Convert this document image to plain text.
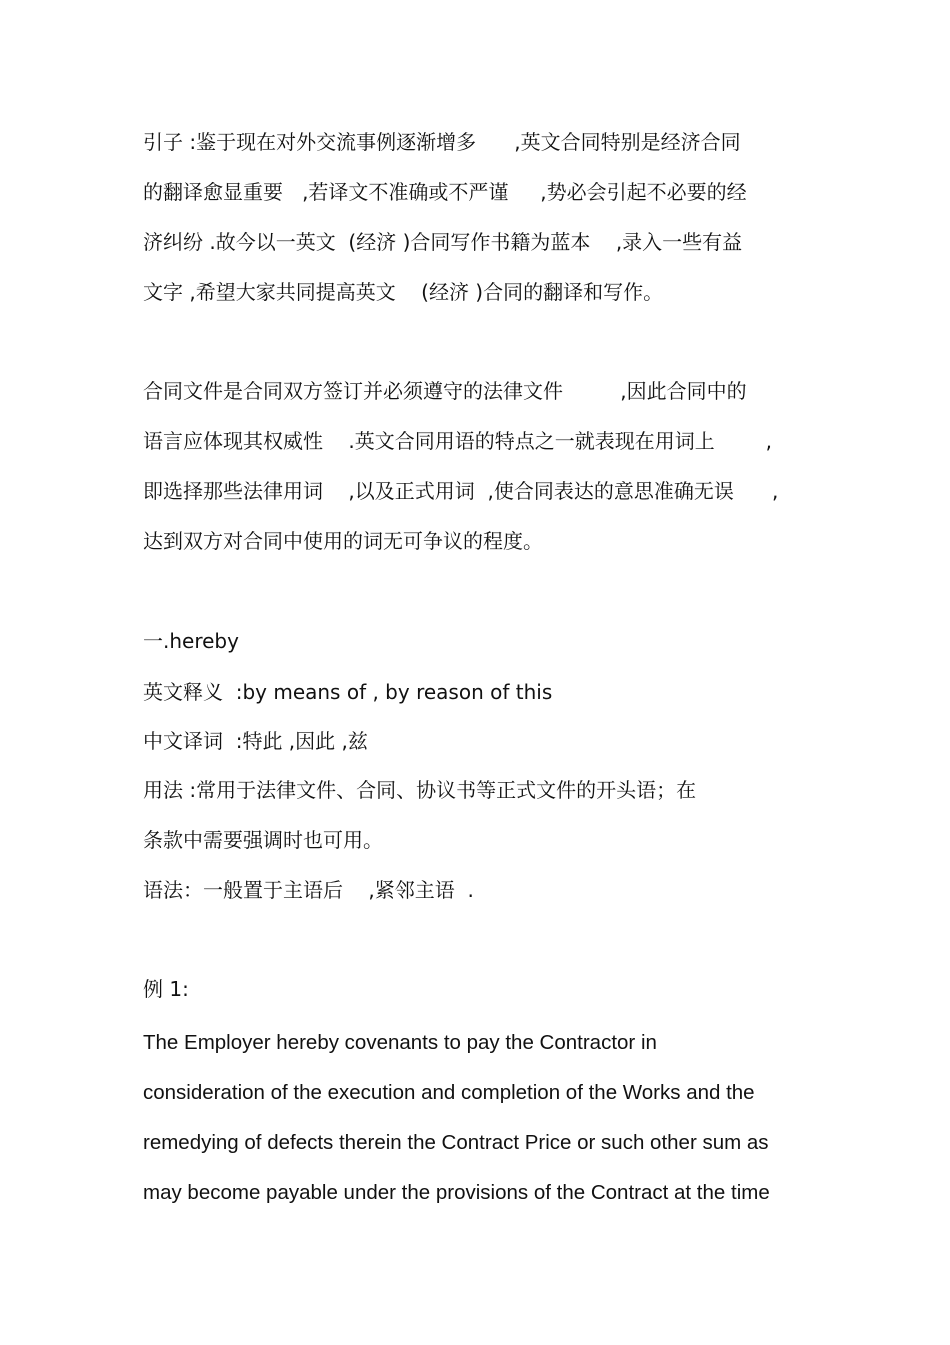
引子 :鉴于现在对外交流事例逐渐增多      ,英文合同特别是经济合同
的翻译愈显重要   ,若译文不准确或不严谨     ,势必会引起不必要的经
济纠纷 .故今以一英文  (经济 )合同写作书籍为蓝本    ,录入一些有益
文字 ,希望大家共同提高英文    (经济 )合同的翻译和写作。
合同文件是合同双方签订并必须遵守的法律文件         ,因此合同中的
语言应体现其权威性    .英文合同用语的特点之一就表现在用词上        ,
即选择那些法律用词    ,以及正式用词  ,使合同表达的意思准确无误      ,
达到双方对合同中使用的词无可争议的程度。
一.hereby
英文释义  :by means of , by reason of this
中文译词  :特此 ,因此 ,兹
用法 :常用于法律文件、合同、协议书等正式文件的开头语；在
条款中需要强调时也可用。
语法：一般置于主语后    ,紧邻主语  .
例 1:
The Employer hereby covenants to pay the Contractor in
consideration of the execution and completion of the Works and the
remedying of defects therein the Contract Price or such other sum as
may become payable under the provisions of the Contract at the time
